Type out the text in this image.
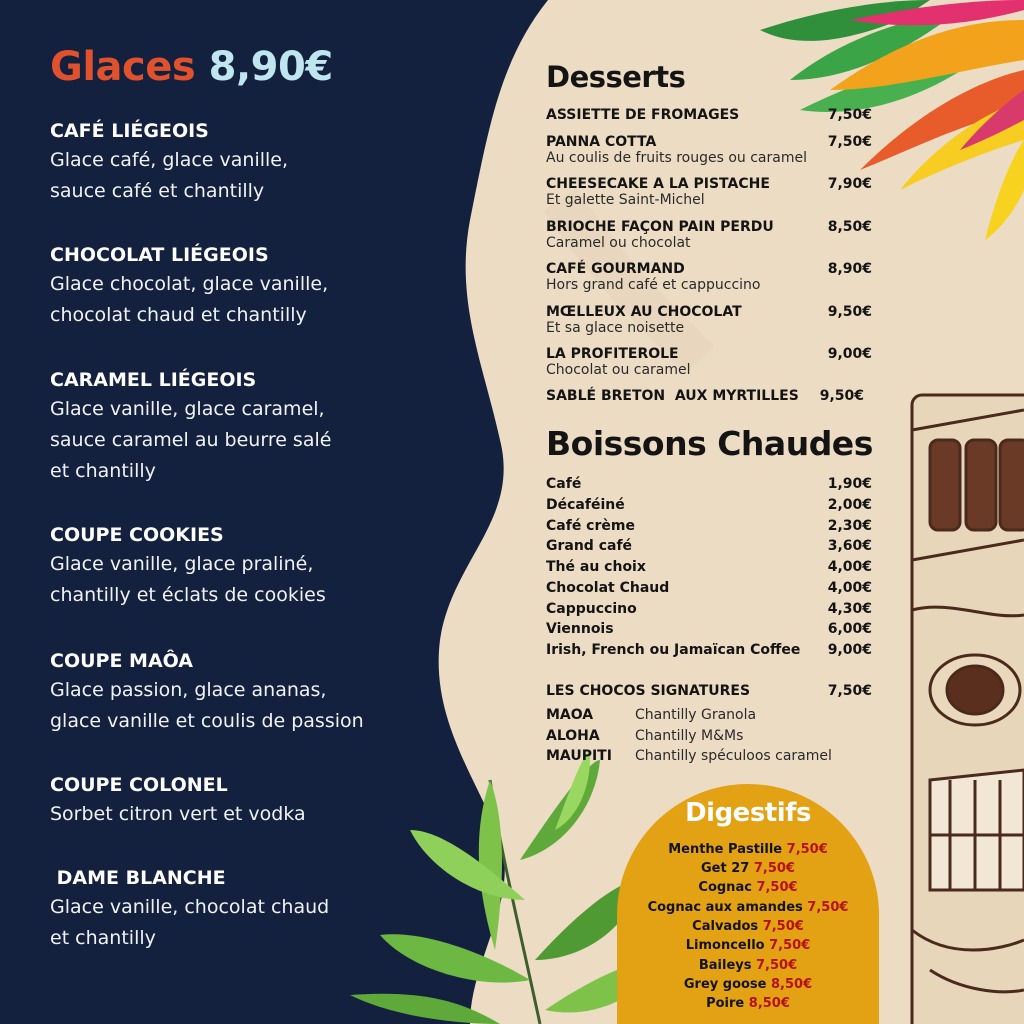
Glaces 8,90€
CAFÉ LIÉGEOIS
Glace café, glace vanille,
sauce café et chantilly
CHOCOLAT LIÉGEOIS
Glace chocolat, glace vanille,
chocolat chaud et chantilly
CARAMEL LIÉGEOIS
Glace vanille, glace caramel,
sauce caramel au beurre salé
et chantilly
COUPE COOKIES
Glace vanille, glace praliné,
chantilly et éclats de cookies
COUPE MAÔA
Glace passion, glace ananas,
glace vanille et coulis de passion
COUPE COLONEL
Sorbet citron vert et vodka
DAME BLANCHE
Glace vanille, chocolat chaud
et chantilly
Desserts
ASSIETTE DE FROMAGES	7,50€
PANNA COTTA	7,50€
Au coulis de fruits rouges ou caramel
CHEESECAKE A LA PISTACHE	7,90€
Et galette Saint-Michel
BRIOCHE FAÇON PAIN PERDU	8,50€
Caramel ou chocolat
CAFÉ GOURMAND	8,90€
Hors grand café et cappuccino
MŒLLEUX AU CHOCOLAT	9,50€
Et sa glace noisette
LA PROFITEROLE	9,00€
Chocolat ou caramel
SABLÉ BRETON  AUX MYRTILLES	9,50€
Boissons Chaudes
Café	1,90€
Décaféiné	2,00€
Café crème	2,30€
Grand café	3,60€
Thé au choix	4,00€
Chocolat Chaud	4,00€
Cappuccino	4,30€
Viennois	6,00€
Irish, French ou Jamaïcan Coffee	9,00€
LES CHOCOS SIGNATURES	7,50€
MAOA	Chantilly Granola
ALOHA	Chantilly M&Ms
MAUPITI Chantilly spéculoos caramel
Digestifs
Menthe Pastille 7,50€
Get 27 7,50€
Cognac 7,50€
Cognac aux amandes 7,50€
Calvados 7,50€
Limoncello 7,50€
Baileys 7,50€
Grey goose 8,50€
Poire 8,50€
